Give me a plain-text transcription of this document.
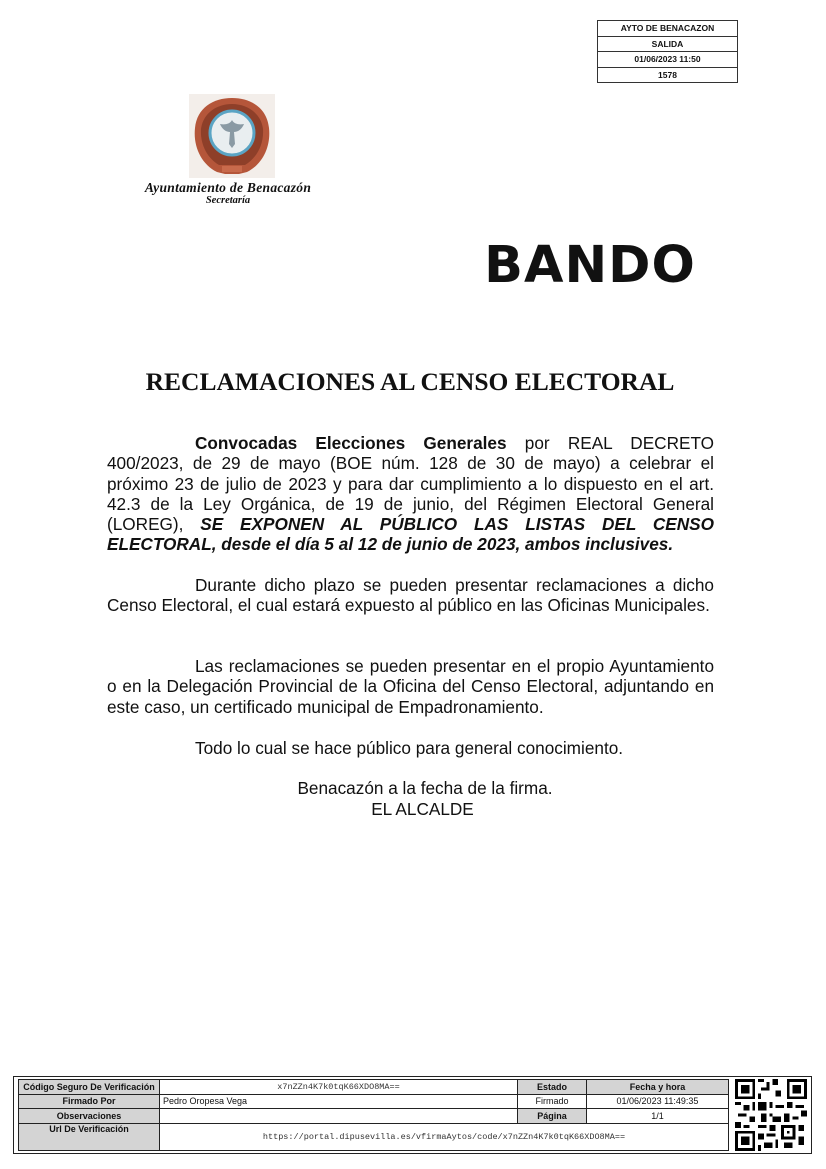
AYTO DE BENACAZON
SALIDA
01/06/2023 11:50
1578
Ayuntamiento de Benacazón
Secretaría
BANDO
RECLAMACIONES AL CENSO ELECTORAL
Convocadas Elecciones Generales por REAL DECRETO 400/2023, de 29 de mayo (BOE núm. 128 de 30 de mayo) a celebrar el próximo 23 de julio de 2023 y para dar cumplimiento a lo dispuesto en el art. 42.3 de la Ley Orgánica, de 19 de junio, del Régimen Electoral General (LOREG), SE EXPONEN AL PÚBLICO LAS LISTAS DEL CENSO ELECTORAL, desde el día 5 al 12 de junio de 2023, ambos inclusives.
Durante dicho plazo se pueden presentar reclamaciones a dicho Censo Electoral, el cual estará expuesto al público en las Oficinas Municipales.
Las reclamaciones se pueden presentar en el propio Ayuntamiento o en la Delegación Provincial de la Oficina del Censo Electoral, adjuntando en este caso, un certificado municipal de Empadronamiento.
Todo lo cual se hace público para general conocimiento.
Benacazón a la fecha de la firma.
EL ALCALDE
Código Seguro De Verificación	x7nZZn4K7k0tqK66XDO8MA==	Estado	Fecha y hora
Firmado Por	Pedro Oropesa Vega	Firmado	01/06/2023 11:49:35
Observaciones		Página	1/1
Url De Verificación	https://portal.dipusevilla.es/vfirmaAytos/code/x7nZZn4K7k0tqK66XDO8MA==		
